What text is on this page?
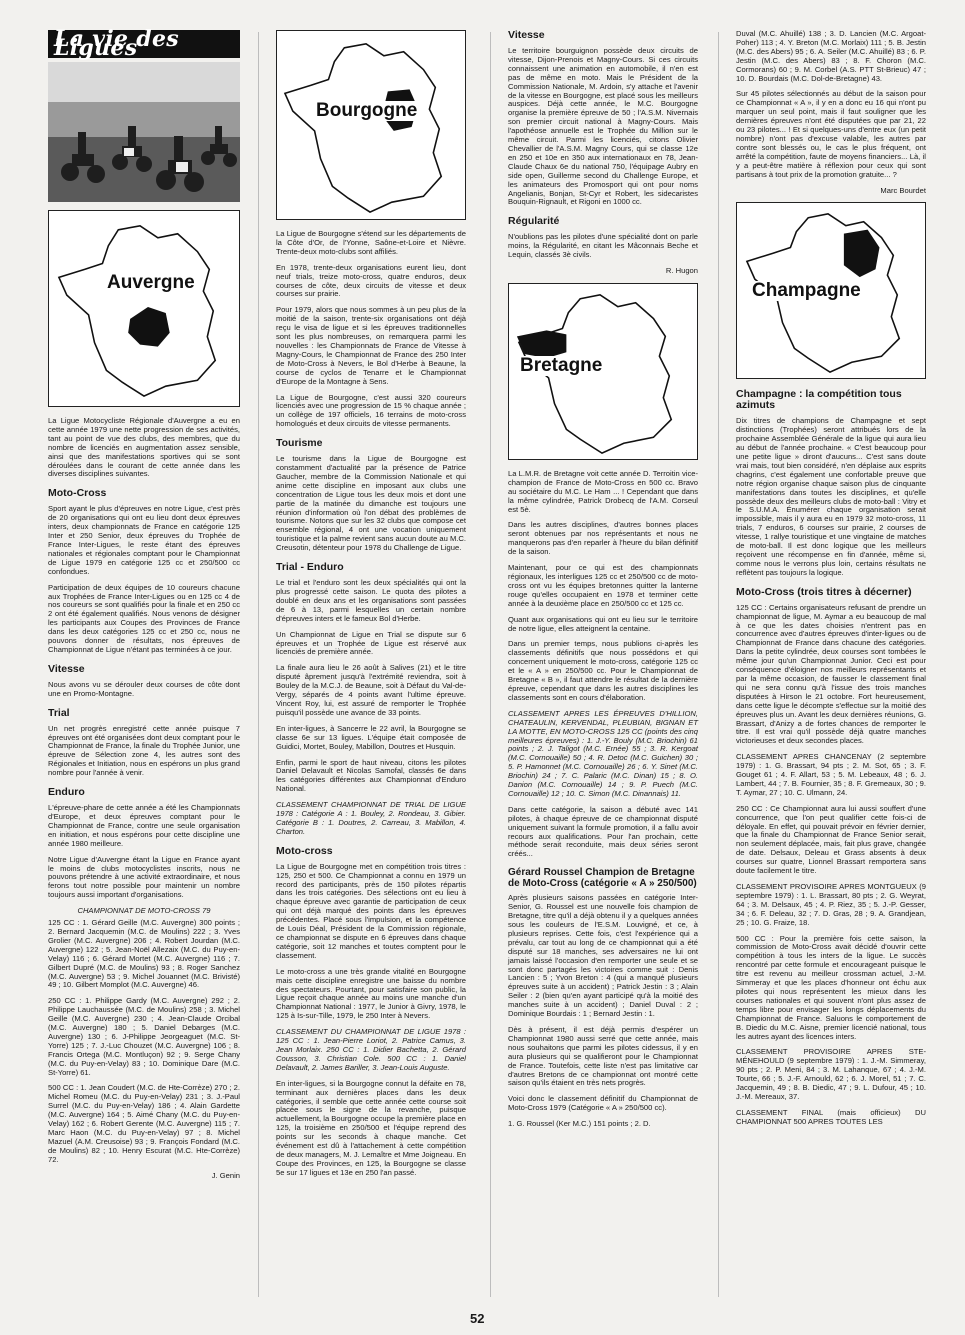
La vie des Ligues
Auvergne

La Ligue Motocycliste Régionale d'Auvergne a eu en cette année 1979 une nette progression de ses activités, tant au point de vue des clubs, des membres, que du nombre de licenciés en augmentation assez sensible, ainsi que des manifestations sportives qui se sont déroulées dans le courant de cette année dans les diverses disciplines suivantes.

Moto-Cross

Sport ayant le plus d'épreuves en notre Ligue, c'est près de 20 organisations qui ont eu lieu dont deux épreuves inters, deux championnats de France en catégorie 125 Inter et 250 Senior, deux épreuves du Trophée de France Inter-Ligues, le reste étant des épreuves nationales et régionales comptant pour le Championnat de Ligue 1979 en catégorie 125 cc et 250/500 cc confondues.

Participation de deux équipes de 10 coureurs chacune aux Trophées de France Inter-Ligues ou en 125 cc 4 de nos coureurs se sont qualifiés pour la finale et en 250 cc 2 ont été également qualifiés. Nous venons de désigner les participants aux Coupes des Provinces de France dans les deux catégories 125 cc et 250 cc, nous ne pouvons donner de résultats, nos épreuves de Championnat de Ligue n'étant pas terminées à ce jour.

Vitesse

Nous avons vu se dérouler deux courses de côte dont une en Promo-Montagne.

Trial

Un net progrès enregistré cette année puisque 7 épreuves ont été organisées dont deux comptant pour le Championnat de France, la finale du Trophée Junior, une épreuve de Sélection zone 4, les autres sont des Régionales et Initiation, nous en espérons un plus grand nombre pour l'année à venir.

Enduro

L'épreuve-phare de cette année a été les Championnats d'Europe, et deux épreuves comptant pour le Championnat de France, contre une seule organisation en initiation, et nous espérons pour cette discipline une année 1980 meilleure.

Notre Ligue d'Auvergne étant la Ligue en France ayant le moins de clubs motocyclistes inscrits, nous ne pouvons prétendre à une activité extraordinaire, et nous ferons tout notre possible pour maintenir un nombre toujours aussi important d'organisations.

CHAMPIONNAT DE MOTO-CROSS 79

125 CC : 1. Gérard Geille (M.C. Auvergne) 300 points ; 2. Bernard Jacquemin (M.C. de Moulins) 222 ; 3. Yves Grolier (M.C. Auvergne) 206 ; 4. Robert Jourdan (M.C. Auvergne) 122 ; 5. Jean-Noël Allezaix (M.C. du Puy-en-Velay) 116 ; 6. Gérard Mortet (M.C. Auvergne) 116 ; 7. Gilbert Dupré (M.C. de Moulins) 93 ; 8. Roger Sanchez (M.C. Auvergne) 53 ; 9. Michel Jouannet (M.C. Brivisté) 49 ; 10. Gilbert Momplot (M.C. Auvergne) 46.

250 CC : 1. Philippe Gardy (M.C. Auvergne) 292 ; 2. Philippe Lauchaussée (M.C. de Moulins) 258 ; 3. Michel Geille (M.C. Auvergne) 230 ; 4. Jean-Claude Orcibal (M.C. Auvergne) 180 ; 5. Daniel Debarges (M.C. Auvergne) 130 ; 6. J-Philippe Jeorgeaguet (M.C. St-Yorre) 125 ; 7. J.-Luc Chouzet (M.C. Auvergne) 106 ; 8. Francis Ortega (M.C. Montluçon) 92 ; 9. Serge Chany (M.C. du Puy-en-Velay) 83 ; 10. Dominique Dare (M.C. St-Yorre) 61.

500 CC : 1. Jean Coudert (M.C. de Hte-Corrèze) 270 ; 2. Michel Romeu (M.C. du Puy-en-Velay) 231 ; 3. J.-Paul Surrel (M.C. du Puy-en-Velay) 186 ; 4. Alain Gardette (M.C. Auvergne) 164 ; 5. Aimé Chany (M.C. du Puy-en-Velay) 162 ; 6. Robert Gerente (M.C. Auvergne) 115 ; 7. Marc Haon (M.C. du Puy-en-Velay) 97 ; 8. Michel Mazuel (A.M. Creusoise) 93 ; 9. François Fondard (M.C. de Moulins) 82 ; 10. Henry Escurat (M.C. Hte-Corrèze) 72.

J. Genin

Bourgogne

La Ligue de Bourgogne s'étend sur les départements de la Côte d'Or, de l'Yonne, Saône-et-Loire et Nièvre. Trente-deux moto-clubs sont affiliés.

En 1978, trente-deux organisations eurent lieu, dont neuf trials, treize moto-cross, quatre enduros, deux courses de côte, deux circuits de vitesse et deux courses sur prairie.

Pour 1979, alors que nous sommes à un peu plus de la moitié de la saison, trente-six organisations ont déjà reçu le visa de ligue et si les épreuves traditionnelles sont les plus nombreuses, on remarquera parmi les nouvelles : les Championnats de France de Vitesse à Magny-Cours, le Championnat de France des 250 Inter de Moto-Cross à Nevers, le Bol d'Herbe à Beaune, la course de cyclos de Tenarre et le Championnat d'Europe de la Montagne à Sens.

La Ligue de Bourgogne, c'est aussi 320 coureurs licenciés avec une progression de 15 % chaque année ; un collège de 197 officiels, 16 terrains de moto-cross homologués et deux circuits de vitesse permanents.

Tourisme

Le tourisme dans la Ligue de Bourgogne est constamment d'actualité par la présence de Patrice Gaucher, membre de la Commission Nationale et qui anime cette discipline en imposant aux clubs une concentration de Ligue tous les deux mois et dont une partie de la matinée du dimanche est toujours une réunion d'information où l'on débat des problèmes de tourisme. Notons que sur les 32 clubs que compose cet ensemble régional, 4 ont une vocation uniquement touristique et la palme revient sans aucun doute au M.C. Creusotin, détenteur pour 1978 du Challenge de Ligue.

Trial - Enduro

Le trial et l'enduro sont les deux spécialités qui ont la plus progressé cette saison. Le quota des pilotes a doublé en deux ans et les organisations sont passées de 6 à 13, parmi lesquelles un certain nombre d'épreuves inters et le fameux Bol d'Herbe.

Un Championnat de Ligue en Trial se dispute sur 6 épreuves et un Trophée de Ligue est réservé aux licenciés de première année.

La finale aura lieu le 26 août à Salives (21) et le titre disputé âprement jusqu'à l'extrémité reviendra, soit à Bouley de la M.C.J. de Beaune, soit à Défaut du Val-de-Vergy, séparés de 4 points avant l'ultime épreuve. Vincent Roy, lui, est assuré de remporter le Trophée puisqu'il possède une avance de 33 points.

En inter-ligues, à Sancerre le 22 avril, la Bourgogne se classe 6e sur 13 ligues. L'équipe était composée de Guidici, Mortet, Bouley, Mabillon, Doutres et Husquin.

Enfin, parmi le sport de haut niveau, citons les pilotes Daniel Delavault et Nicolas Samofal, classés 6e dans les catégories différentes aux Championnat d'Enduro National.

CLASSEMENT CHAMPIONNAT DE TRIAL DE LIGUE 1978 : Catégorie A : 1. Bouley, 2. Rondeau, 3. Gibier. Catégorie B : 1. Doutres, 2. Carreau, 3. Mabillon, 4. Charton.

Moto-cross

La Ligue de Bourgogne met en compétition trois titres : 125, 250 et 500. Ce Championnat a connu en 1979 un record des participants, près de 150 pilotes répartis dans les trois catégories. Des sélections ont eu lieu à chaque épreuve avec garantie de participation de ceux qui ont déjà marqué des points dans les épreuves précédentes. Placé sous l'impulsion, et la compétence de Louis Déal, Président de la Commission régionale, ce championnat se dispute en 6 épreuves dans chaque catégorie, soit 12 manches et toutes comptent pour le classement.

Le moto-cross a une très grande vitalité en Bourgogne mais cette discipline enregistre une baisse du nombre des spectateurs. Pourtant, pour satisfaire son public, la Ligue reçoit chaque année au moins une manche d'un Championnat National : 1977, le Junior à Givry, 1978, le 125 à Is-sur-Tille, 1979, le 250 Inter à Nevers.

CLASSEMENT DU CHAMPIONNAT DE LIGUE 1978 : 125 CC : 1. Jean-Pierre Loriot, 2. Patrice Camus, 3. Jean Morlaix. 250 CC : 1. Didier Bachetta, 2. Gérard Cousson, 3. Christian Cole. 500 CC : 1. Daniel Delavault, 2. James Bariller, 3. Jean-Louis Auguste.

En inter-ligues, si la Bourgogne connut la défaite en 78, terminant aux dernières places dans les deux catégories, il semble que cette année cette course soit placée sous le signe de la revanche, puisque actuellement, la Bourgogne occupe la première place en 125, la troisième en 250/500 et l'équipe reprend des points sur les seconds à chaque manche. Cet événement est dû à l'attachement à cette compétition de deux managers, M. J. Lemaître et Mme Joigneau. En Coupe des Provinces, en 125, la Bourgogne se classe 5e sur 17 ligues et 13e en 250 l'an passé.

Vitesse

Le territoire bourguignon possède deux circuits de vitesse, Dijon-Prenois et Magny-Cours. Si ces circuits connaissent une animation en automobile, il n'en est pas de même en moto. Mais le Président de la Commission Nationale, M. Ardoin, s'y attache et l'avenir de la vitesse en Bourgogne, est placé sous les meilleurs auspices. Déjà cette année, le M.C. Bourgogne organise la première épreuve de 50 ; l'A.S.M. Nivernais son premier circuit national à Magny-Cours. Mais l'apothéose annuelle est le Trophée du Million sur le même circuit. Parmi les licenciés, citons Olivier Chevallier de l'A.S.M. Magny Cours, qui se classe 12e en 250 et 10e en 350 aux internationaux en 78, Jean-Claude Chaux 6e du national 750, l'équipage Aubry en side open, Guillerme second du Challenge Europe, et les animateurs des Promosport qui ont pour noms Angelianis, Bonjan, St-Cyr et Robert, les sidecaristes Bouquin-Rignault, et Rigoni en 1000 cc.

Régularité

N'oublions pas les pilotes d'une spécialité dont on parle moins, la Régularité, en citant les Mâconnais Beche et Lequin, classés 3è civils.

R. Hugon

Bretagne

La L.M.R. de Bretagne voit cette année D. Terroitin vice-champion de France de Moto-Cross en 500 cc. Bravo au sociétaire du M.C. Le Ham ... ! Cependant que dans la même cylindrée, Patrick Drobecq de l'A.M. Corseul est 5è.

Dans les autres disciplines, d'autres bonnes places seront obtenues par nos représentants et nous ne manquerons pas d'en reparler à l'heure du bilan définitif de la saison.

Maintenant, pour ce qui est des championnats régionaux, les interligues 125 cc et 250/500 cc de moto-cross ont vu les équipes bretonnes quitter la lanterne rouge qu'elles occupaient en 1978 et terminer cette année à la deuxième place en 250/500 cc et 125 cc.

Quant aux organisations qui ont eu lieu sur le territoire de notre ligue, elles atteignent la centaine.

Dans un premier temps, nous publions ci-après les classements définitifs que nous possédons et qui concernent uniquement le moto-cross, catégorie 125 cc et le « A » en 250/500 cc. Pour le Championnat de Bretagne « B », il faut attendre le résultat de la dernière épreuve, cependant que dans les autres disciplines les classements sont en cours d'élaboration.

CLASSEMENT APRES LES ÉPREUVES D'HILLION, CHATEAULIN, KERVENDAL, PLEUBIAN, BIGNAN ET LA MOTTE, EN MOTO-CROSS 125 CC (points des cinq meilleures épreuves) : 1. J.-Y. Bouly (M.C. Briochin) 61 points ; 2. J. Taligot (M.C. Ernée) 55 ; 3. R. Kergoat (M.C. Cornouaille) 50 ; 4. R. Detoc (M.C. Guichen) 30 ; 5. P. Hamonnet (M.C. Cornouaille) 26 ; 6. Y. Sinet (M.C. Briochin) 24 ; 7. C. Palaric (M.C. Dinan) 15 ; 8. O. Danion (M.C. Cornouaille) 14 ; 9. P. Puech (M.C. Cornouaille) 12 ; 10. C. Simon (M.C. Dinannais) 11.

Dans cette catégorie, la saison a débuté avec 141 pilotes, à chaque épreuve de ce championnat disputé uniquement suivant la formule promotion, il a fallu avoir recours aux qualifications. Pour l'an prochain, cette méthode serait reconduite, mais deux séries seront créés...

Gérard Roussel Champion de Bretagne de Moto-Cross (catégorie « A » 250/500)

Après plusieurs saisons passées en catégorie Inter-Senior, G. Roussel est une nouvelle fois champion de Bretagne, titre qu'il a déjà obtenu il y a quelques années sous les couleurs de l'E.S.M. Louvigné, et ce, à plusieurs reprises. Cette fois, c'est l'expérience qui a prévalu, car tout au long de ce championnat qui a été disputé sur 18 manches, ses adversaires ne lui ont jamais laissé l'occasion d'en remporter une seule et se sont donc partagés les victoires comme suit : Denis Lancien : 5 ; Yvon Breton : 4 (qui a manqué plusieurs épreuves suite à un accident) ; Patrick Jestin : 3 ; Alain Seiler : 2 (bien qu'en ayant participé qu'à la moitié des manches suite à un accident) ; Daniel Duval : 2 ; Dominique Bourdais : 1 ; Bernard Jestin : 1.

Dès à présent, il est déjà permis d'espérer un Championnat 1980 aussi serré que cette année, mais nous souhaitons que parmi les pilotes cidessus, il y en aura plusieurs qui se qualifieront pour le Championnat de France. Toutefois, cette liste n'est pas limitative car d'autres Bretons de ce championnat ont montré cette saison qu'ils étaient en très nets progrès.

Voici donc le classement définitif du Championnat de Moto-Cross 1979 (Catégorie « A » 250/500 cc).

1. G. Roussel (Ker M.C.) 151 points ; 2. D.

Duval (M.C. Ahuillé) 138 ; 3. D. Lancien (M.C. Argoat-Poher) 113 ; 4. Y. Breton (M.C. Morlaix) 111 ; 5. B. Jestin (M.C. des Abers) 95 ; 6. A. Seiler (M.C. Ahuillé) 83 ; 6. P. Jestin (M.C. des Abers) 83 ; 8. F. Choron (M.C. Cormorans) 60 ; 9. M. Corbel (A.S. PTT St-Brieuc) 47 ; 10. D. Bourdais (M.C. Dol-de-Bretagne) 43.

Sur 45 pilotes sélectionnés au début de la saison pour ce Championnat « A », il y en a donc eu 16 qui n'ont pu marquer un seul point, mais il faut souligner que les dernières épreuves n'ont été disputées que par 21, 22 ou 23 pilotes... ! Et si quelques-uns d'entre eux (un petit nombre) n'ont pas d'excuse valable, les autres par contre sont blessés ou, le cas le plus fréquent, ont arrêté la compétition, faute de moyens financiers... Là, il y a peut-être matière à réflexion pour ceux qui sont partisans à tout prix de la promotion gratuite... ?

Marc Bourdet

Champagne
Champagne : la compétition tous azimuts

Dix titres de champions de Champagne et sept distinctions (Trophées) seront attribués lors de la prochaine Assemblée Générale de la ligue qui aura lieu au début de l'année prochaine. « C'est beaucoup pour une petite ligue » diront d'aucuns... C'est sans doute vrai mais, tout bien considéré, n'en déplaise aux esprits chagrins, c'est également une confortable preuve que notre région organise chaque saison plus de cinquante manifestations dans toutes les disciplines, et qu'elle possède deux des meilleurs clubs de moto-ball : Vitry et le S.U.M.A. Énumérer chaque organisation serait impossible, mais il y aura eu en 1979 32 moto-cross, 11 trials, 7 enduros, 6 courses sur prairie, 2 courses de vitesse, 1 rallye touristique et une vingtaine de matches de moto-ball. Il est donc logique que les meilleurs reçoivent une récompense en fin d'année, même si, comme nous le verrons plus loin, certains résultats ne reflètent pas toujours la logique.

Moto-Cross (trois titres à décerner)

125 CC : Certains organisateurs refusant de prendre un championnat de ligue, M. Aymar a eu beaucoup de mal à ce que les dates choisies n'entrent pas en concurrence avec d'autres épreuves d'inter-ligues ou de Championnat de France dans chacune des catégories. Dans la petite cylindrée, deux courses sont tombées le même jour qu'un Championnat Junior. Ceci est pour conséquence d'éloigner nos meilleurs représentants et par la même occasion, de fausser le classement final qui ne sera connu qu'à l'issue des trois manches disputées à Hirson le 21 octobre. Fort heureusement, dans cette ligue le décompte s'effectue sur la moitié des épreuves plus un. Avant les deux dernières réunions, G. Brassart, d'Anizy a de fortes chances de remporter le titre. Il est vrai qu'il possède déjà quatre manches victorieuses et deux secondes places.

CLASSEMENT APRES CHANCENAY (2 septembre 1979) : 1. G. Brassart, 94 pts ; 2. M. Sot, 65 ; 3. F. Gouget 61 ; 4. F. Allart, 53 ; 5. M. Lebeaux, 48 ; 6. J. Lambert, 44 ; 7. B. Fournier, 35 ; 8. F. Gremeaux, 30 ; 9. T. Aymar, 27 ; 10. C. Ulmann, 24.

250 CC : Ce Championnat aura lui aussi souffert d'une concurrence, que l'on peut qualifier cette fois-ci de déloyale. En effet, qui pouvait prévoir en février dernier, que la finale du Championnat de France Senior serait, non seulement déplacée, mais, fait plus grave, changée de date. Delsaux, Deleau et Grass absents à deux courses sur quatre, Lionnel Brassart remportera sans doute facilement le titre.

CLASSEMENT PROVISOIRE APRES MONTGUEUX (9 septembre 1979) : 1. L. Brassart, 80 pts ; 2. G. Weyrat, 64 ; 3. M. Delsaux, 45 ; 4. P. Riez, 35 ; 5. J.-P. Gesser, 34 ; 6. F. Deleau, 32 ; 7. D. Gras, 28 ; 9. A. Grandjean, 25 ; 10. G. Fraize, 18.

500 CC : Pour la première fois cette saison, la commission de Moto-Cross avait décidé d'ouvrir cette compétition à tous les inters de la ligue. Le succès rencontré par cette formule et encourageant puisque le titre est revenu au meilleur crossman actuel, J.-M. Simmeray et que les places d'honneur ont échu aux pilotes qui nous représentent les mieux dans les courses nationales et qui souvent n'ont plus assez de temps libre pour envisager les longs déplacements du Championnat de France. Saluons le comportement de B. Diedic du M.C. Aisne, premier licencié national, tous les autres ayant des licences inters.

CLASSEMENT PROVISOIRE APRES STE-MÉNEHOULD (9 septembre 1979) : 1. J.-M. Simmeray, 90 pts ; 2. P. Meni, 84 ; 3. M. Lahanque, 67 ; 4. J.-M. Tourte, 66 ; 5. J.-F. Arnould, 62 ; 6. J. Morel, 51 ; 7. C. Jacquemin, 49 ; 8. B. Diedic, 47 ; 9. L. Dufour, 45 ; 10. J.-M. Mereaux, 37.

CLASSEMENT FINAL (mais officieux) DU CHAMPIONNAT 500 APRES TOUTES LES

52
